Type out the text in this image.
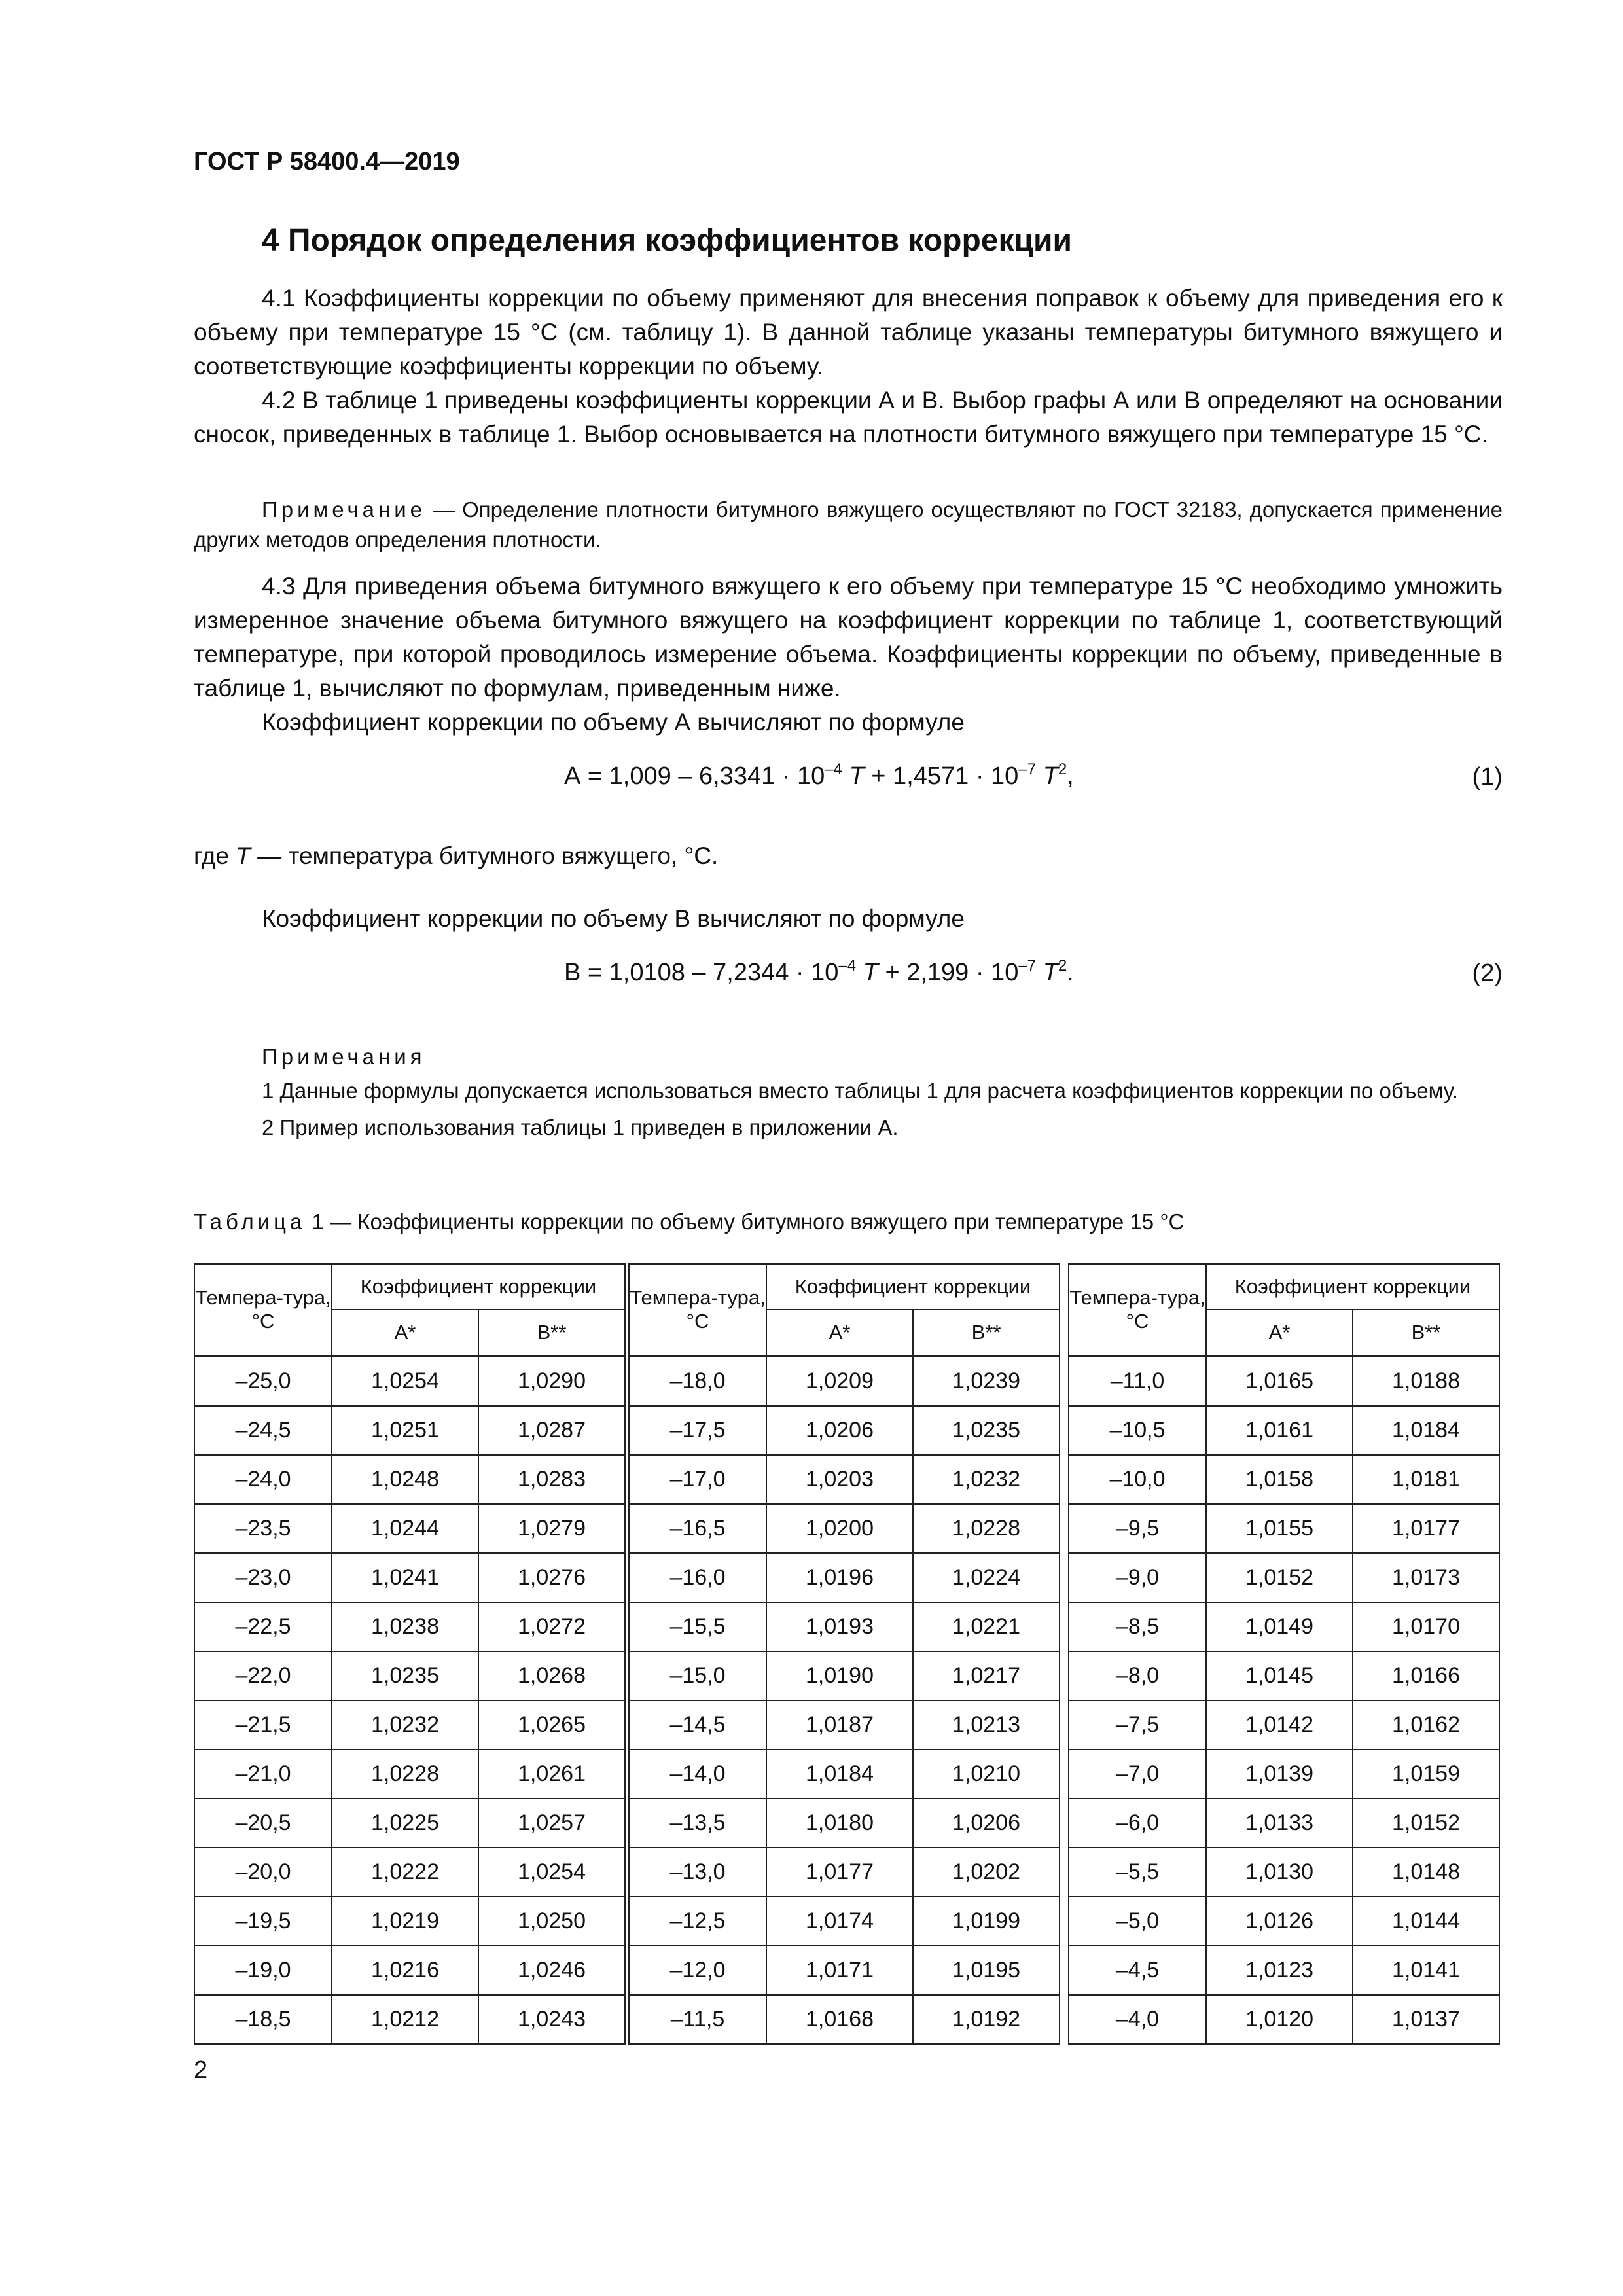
ГОСТ Р 58400.4—2019
4 Порядок определения коэффициентов коррекции
4.1 Коэффициенты коррекции по объему применяют для внесения поправок к объему для приведения его к объему при температуре 15 °С (см. таблицу 1). В данной таблице указаны температуры битумного вяжущего и соответствующие коэффициенты коррекции по объему.
4.2 В таблице 1 приведены коэффициенты коррекции А и В. Выбор графы А или В определяют на основании сносок, приведенных в таблице 1. Выбор основывается на плотности битумного вяжущего при температуре 15 °С.
Примечание — Определение плотности битумного вяжущего осуществляют по ГОСТ 32183, допускается применение других методов определения плотности.
4.3 Для приведения объема битумного вяжущего к его объему при температуре 15 °С необходимо умножить измеренное значение объема битумного вяжущего на коэффициент коррекции по таблице 1, соответствующий температуре, при которой проводилось измерение объема. Коэффициенты коррекции по объему, приведенные в таблице 1, вычисляют по формулам, приведенным ниже.
Коэффициент коррекции по объему А вычисляют по формуле
$А = 1,009 - 6,3341 \cdot 10^{-4}$ $Т + 1,4571 \cdot 10^{-7}$ $Т^2$,	(1)
где Т — температура битумного вяжущего, °С.
Коэффициент коррекции по объему В вычисляют по формуле
$В = 1,0108 - 7,2344 \cdot 10^{-4}$ $Т + 2,199 \cdot 10^{-7}$ $Т^2$.	(2)
Примечания
1 Данные формулы допускается использоваться вместо таблицы 1 для расчета коэффициентов коррекции по объему.
2 Пример использования таблицы 1 приведен в приложении А.
Таблица 1 — Коэффициенты коррекции по объему битумного вяжущего при температуре 15 °С
Темпера-тура, °С	Коэффициент коррекции	
	А*	В**
–25,0	1,0254	1,0290
–24,5	1,0251	1,0287
–24,0	1,0248	1,0283
–23,5	1,0244	1,0279
–23,0	1,0241	1,0276
–22,5	1,0238	1,0272
–22,0	1,0235	1,0268
–21,5	1,0232	1,0265
–21,0	1,0228	1,0261
–20,5	1,0225	1,0257
–20,0	1,0222	1,0254
–19,5	1,0219	1,0250
–19,0	1,0216	1,0246
–18,5	1,0212	1,0243
Темпера-тура, °С	Коэффициент коррекции	
	А*	В**
–18,0	1,0209	1,0239
–17,5	1,0206	1,0235
–17,0	1,0203	1,0232
–16,5	1,0200	1,0228
–16,0	1,0196	1,0224
–15,5	1,0193	1,0221
–15,0	1,0190	1,0217
–14,5	1,0187	1,0213
–14,0	1,0184	1,0210
–13,5	1,0180	1,0206
–13,0	1,0177	1,0202
–12,5	1,0174	1,0199
–12,0	1,0171	1,0195
–11,5	1,0168	1,0192
Темпера-тура, °С	Коэффициент коррекции	
	А*	В**
–11,0	1,0165	1,0188
–10,5	1,0161	1,0184
–10,0	1,0158	1,0181
–9,5	1,0155	1,0177
–9,0	1,0152	1,0173
–8,5	1,0149	1,0170
–8,0	1,0145	1,0166
–7,5	1,0142	1,0162
–7,0	1,0139	1,0159
–6,0	1,0133	1,0152
–5,5	1,0130	1,0148
–5,0	1,0126	1,0144
–4,5	1,0123	1,0141
–4,0	1,0120	1,0137
2
